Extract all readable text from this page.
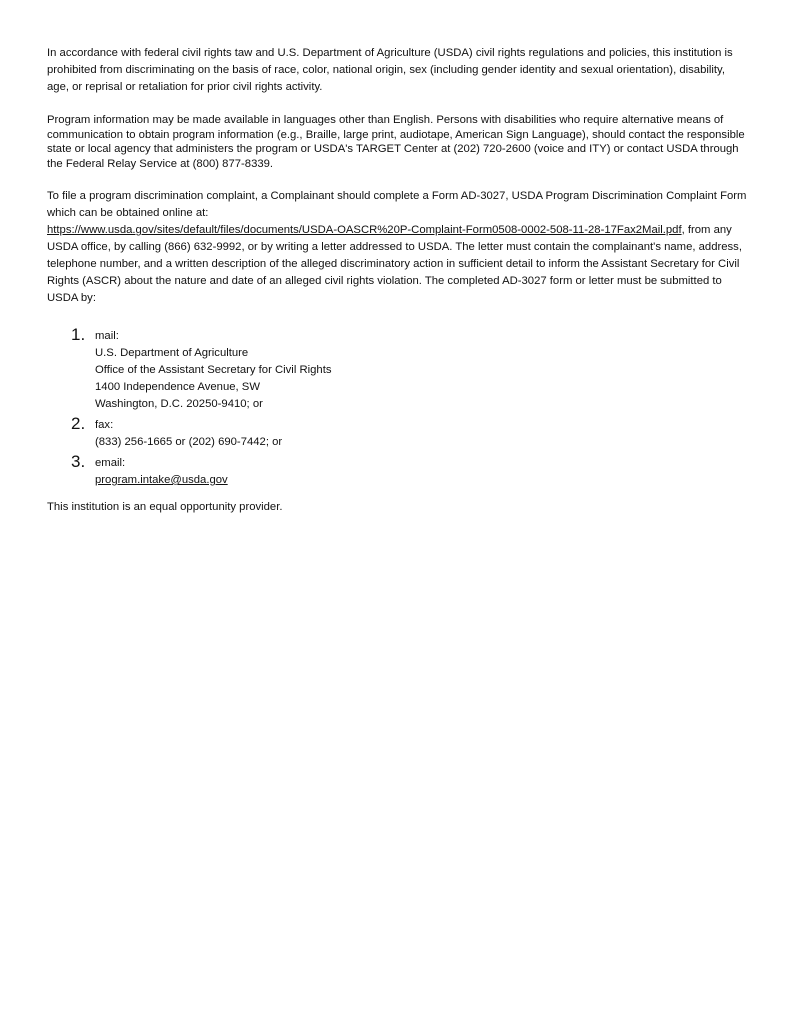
In accordance with federal civil rights taw and U.S. Department of Agriculture (USDA) civil rights regulations and policies, this institution is prohibited from discriminating on the basis of race, color, national origin, sex (including gender identity and sexual orientation), disability, age, or reprisal or retaliation for prior civil rights activity.

Program information may be made available in languages other than English. Persons with disabilities who require alternative means of communication to obtain program information (e.g., Braille, large print, audiotape, American Sign Language), should contact the responsible state or local agency that administers the program or USDA's TARGET Center at (202) 720-2600 (voice and ITY) or contact USDA through the Federal Relay Service at (800) 877-8339.

To file a program discrimination complaint, a Complainant should complete a Form AD-3027, USDA Program Discrimination Complaint Form which can be obtained online at:
https://www.usda.gov/sites/default/files/documents/USDA-OASCR%20P-Complaint-Form0508-0002-508-11-28-17Fax2Mail.pdf, from any USDA office, by calling (866) 632-9992, or by writing a letter addressed to USDA. The letter must contain the complainant's name, address, telephone number, and a written description of the alleged discriminatory action in sufficient detail to inform the Assistant Secretary for Civil Rights (ASCR) about the nature and date of an alleged civil rights violation. The completed AD-3027 form or letter must be submitted to USDA by:

1. mail:
U.S. Department of Agriculture
Office of the Assistant Secretary for Civil Rights
1400 Independence Avenue, SW
Washington, D.C. 20250-9410; or
2. fax:
(833) 256-1665 or (202) 690-7442; or
3. email:
program.intake@usda.gov

This institution is an equal opportunity provider.
